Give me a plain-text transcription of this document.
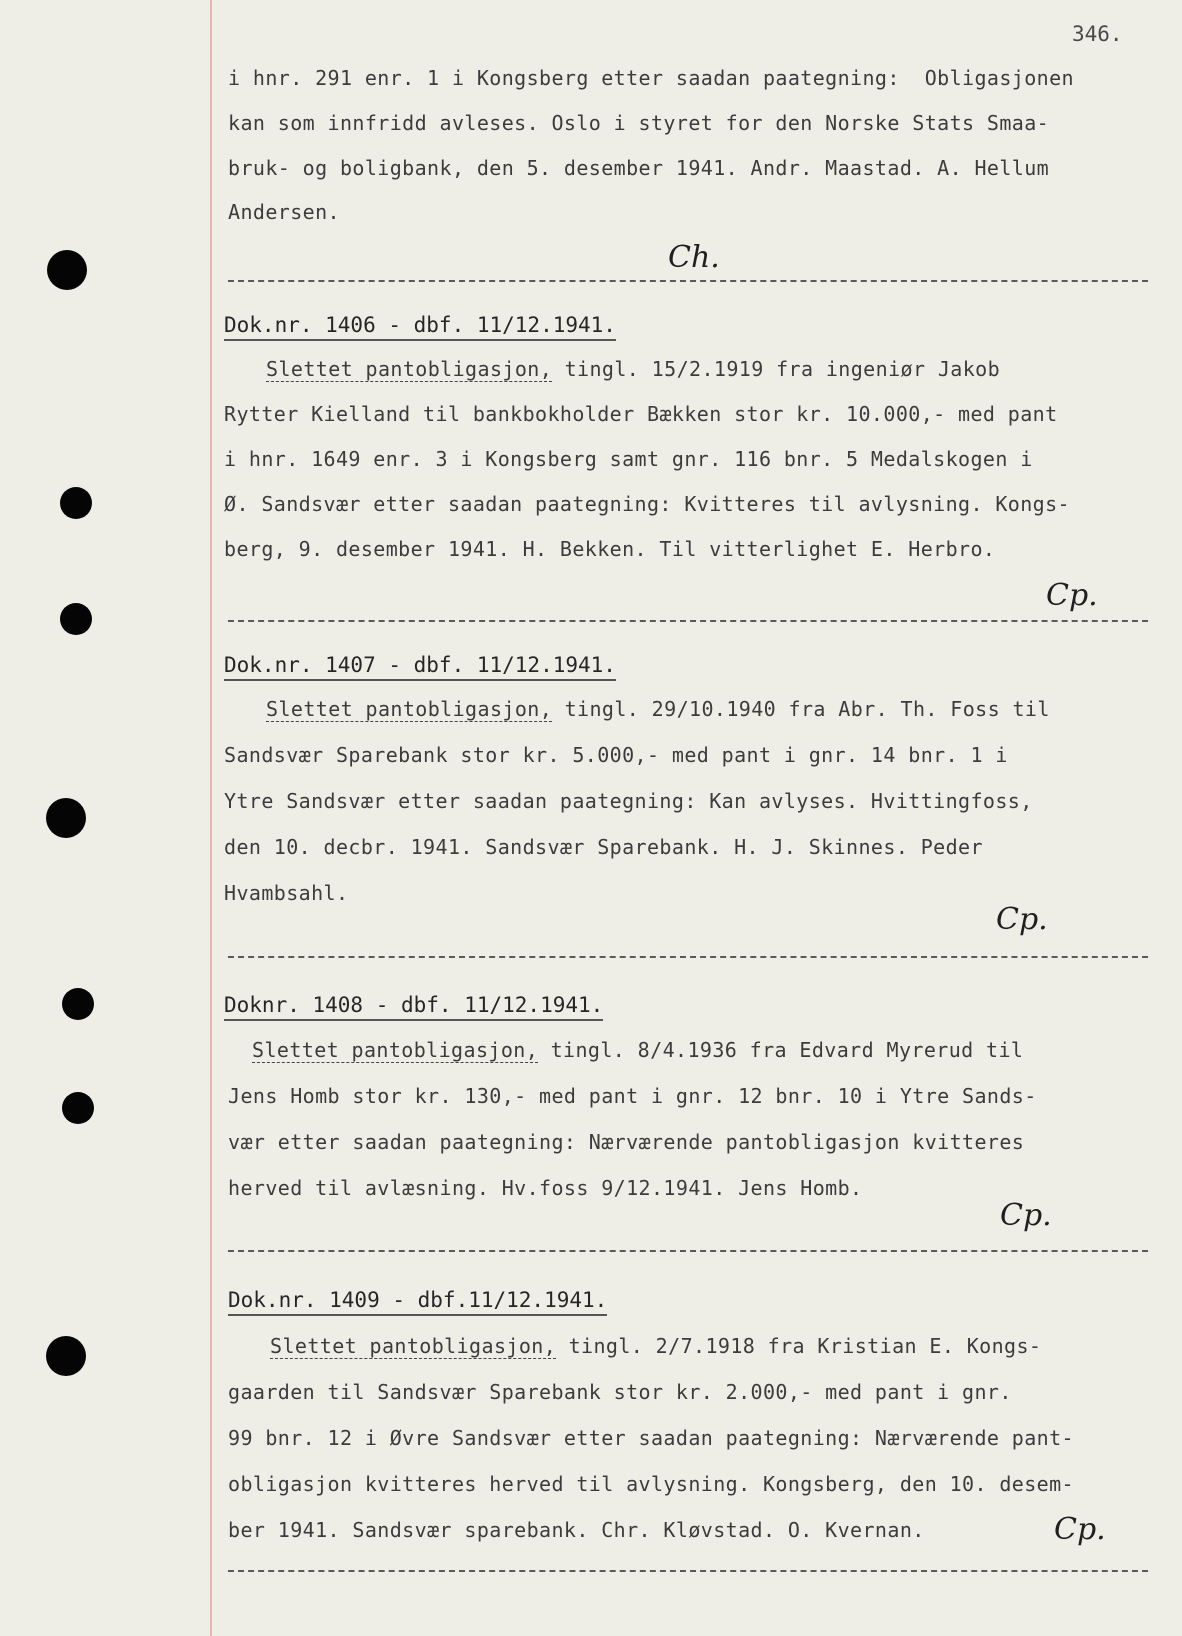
346.
i hnr. 291 enr. 1 i Kongsberg etter saadan paategning:  Obligasjonen
kan som innfridd avleses. Oslo i styret for den Norske Stats Smaa-
bruk- og boligbank, den 5. desember 1941. Andr. Maastad. A. Hellum
Andersen.
Ch.
Dok.nr. 1406 - dbf. 11/12.1941.
Slettet pantobligasjon, tingl. 15/2.1919 fra ingeniør Jakob
Rytter Kielland til bankbokholder Bækken stor kr. 10.000,- med pant
i hnr. 1649 enr. 3 i Kongsberg samt gnr. 116 bnr. 5 Medalskogen i
Ø. Sandsvær etter saadan paategning: Kvitteres til avlysning. Kongs-
berg, 9. desember 1941. H. Bekken. Til vitterlighet E. Herbro.
Cp.
Dok.nr. 1407 - dbf. 11/12.1941.
Slettet pantobligasjon, tingl. 29/10.1940 fra Abr. Th. Foss til
Sandsvær Sparebank stor kr. 5.000,- med pant i gnr. 14 bnr. 1 i
Ytre Sandsvær etter saadan paategning: Kan avlyses. Hvittingfoss,
den 10. decbr. 1941. Sandsvær Sparebank. H. J. Skinnes. Peder
Hvambsahl.
Cp.
Doknr. 1408 - dbf. 11/12.1941.
Slettet pantobligasjon, tingl. 8/4.1936 fra Edvard Myrerud til
Jens Homb stor kr. 130,- med pant i gnr. 12 bnr. 10 i Ytre Sands-
vær etter saadan paategning: Nærværende pantobligasjon kvitteres
herved til avlæsning. Hv.foss 9/12.1941. Jens Homb.
Cp.
Dok.nr. 1409 - dbf.11/12.1941.
Slettet pantobligasjon, tingl. 2/7.1918 fra Kristian E. Kongs-
gaarden til Sandsvær Sparebank stor kr. 2.000,- med pant i gnr.
99 bnr. 12 i Øvre Sandsvær etter saadan paategning: Nærværende pant-
obligasjon kvitteres herved til avlysning. Kongsberg, den 10. desem-
ber 1941. Sandsvær sparebank. Chr. Kløvstad. O. Kvernan.	Cp.
